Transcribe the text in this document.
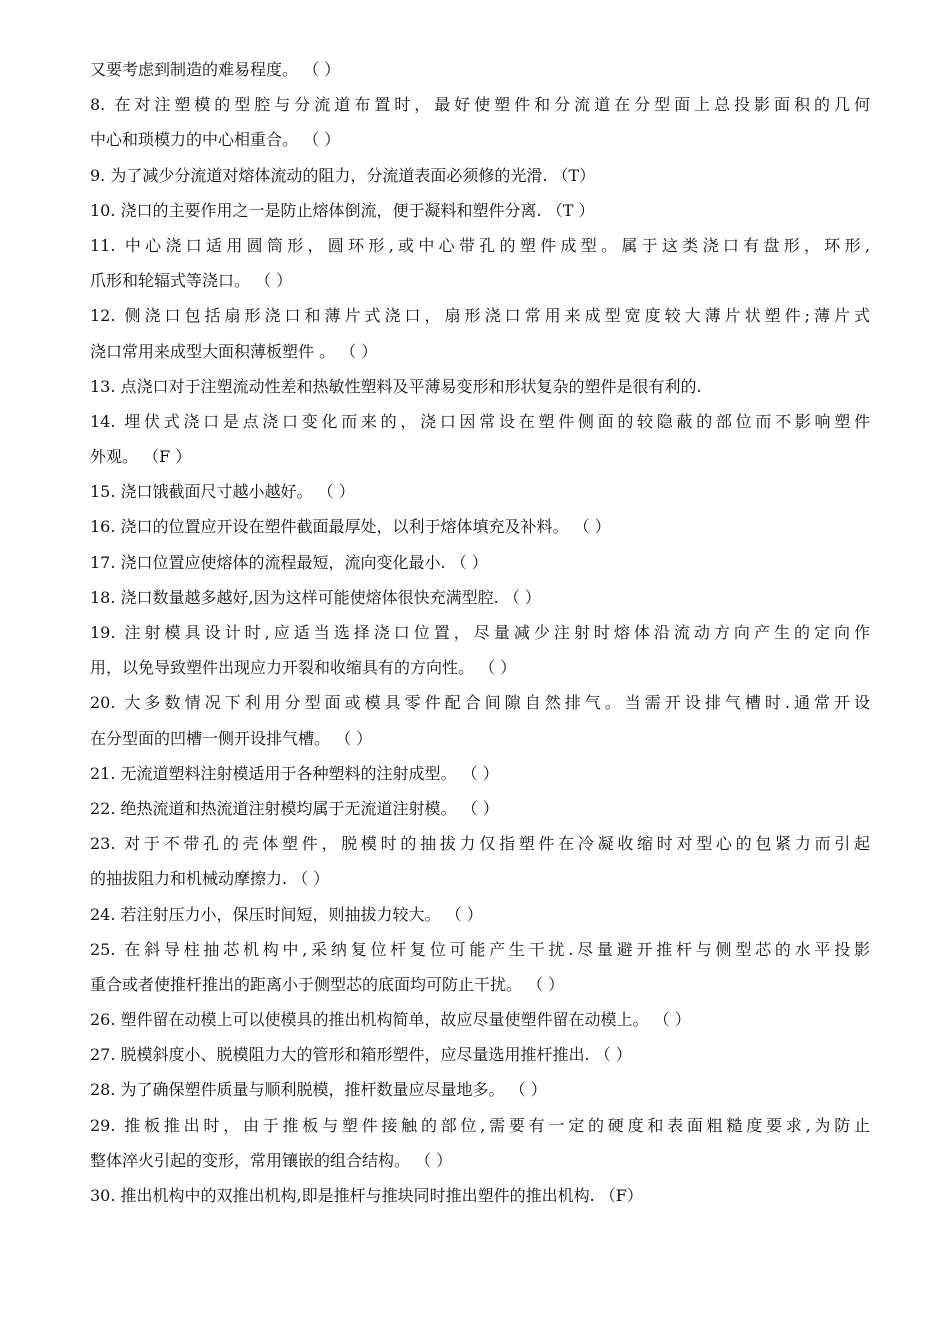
又要考虑到制造的难易程度。 （ ）
8. 在对注塑模的型腔与分流道布置时，最好使塑件和分流道在分型面上总投影面积的几何
中心和琐模力的中心相重合。 （ ）
9. 为了减少分流道对熔体流动的阻力，分流道表面必须修的光滑. （T）
10. 浇口的主要作用之一是防止熔体倒流，便于凝料和塑件分离. （T ）
11. 中心浇口适用圆筒形，圆环形,或中心带孔的塑件成型。属于这类浇口有盘形，环形,
爪形和轮辐式等浇口。 （ ）
12. 侧浇口包括扇形浇口和薄片式浇口，扇形浇口常用来成型宽度较大薄片状塑件;薄片式
浇口常用来成型大面积薄板塑件 。 （ ）
13. 点浇口对于注塑流动性差和热敏性塑料及平薄易变形和形状复杂的塑件是很有利的.
14. 埋伏式浇口是点浇口变化而来的，浇口因常设在塑件侧面的较隐蔽的部位而不影响塑件
外观。 （F ）
15. 浇口饿截面尺寸越小越好。 （ ）
16. 浇口的位置应开设在塑件截面最厚处，以利于熔体填充及补料。 （ ）
17. 浇口位置应使熔体的流程最短，流向变化最小. （ ）
18. 浇口数量越多越好,因为这样可能使熔体很快充满型腔. （ ）
19. 注射模具设计时,应适当选择浇口位置，尽量减少注射时熔体沿流动方向产生的定向作
用，以免导致塑件出现应力开裂和收缩具有的方向性。 （ ）
20. 大多数情况下利用分型面或模具零件配合间隙自然排气。当需开设排气槽时.通常开设
在分型面的凹槽一侧开设排气槽。 （ ）
21. 无流道塑料注射模适用于各种塑料的注射成型。 （ ）
22. 绝热流道和热流道注射模均属于无流道注射模。 （ ）
23. 对于不带孔的壳体塑件，脱模时的抽拔力仅指塑件在冷凝收缩时对型心的包紧力而引起
的抽拔阻力和机械动摩擦力. （ ）
24. 若注射压力小，保压时间短，则抽拔力较大。 （ ）
25. 在斜导柱抽芯机构中,采纳复位杆复位可能产生干扰.尽量避开推杆与侧型芯的水平投影
重合或者使推杆推出的距离小于侧型芯的底面均可防止干扰。 （ ）
26. 塑件留在动模上可以使模具的推出机构简单，故应尽量使塑件留在动模上。 （ ）
27. 脱模斜度小、脱模阻力大的管形和箱形塑件，应尽量选用推杆推出. （ ）
28. 为了确保塑件质量与顺利脱模，推杆数量应尽量地多。 （ ）
29. 推板推出时，由于推板与塑件接触的部位,需要有一定的硬度和表面粗糙度要求,为防止
整体淬火引起的变形，常用镶嵌的组合结构。 （ ）
30. 推出机构中的双推出机构,即是推杆与推块同时推出塑件的推出机构. （F）
